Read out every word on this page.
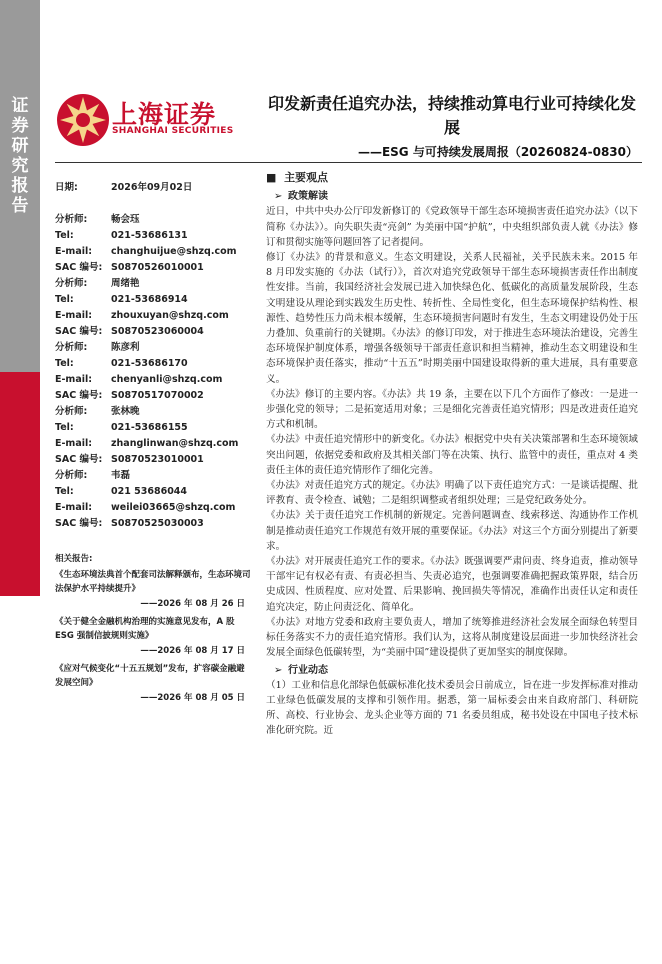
证券研究报告
ESG与可持续发展周报
上海证券
SHANGHAI SECURITIES
印发新责任追究办法，持续推动算电行业可持续化发展
——ESG 与可持续发展周报（20260824-0830）
日期:	2026年09月02日
分析师:	畅会珏
Tel:	021-53686131
E-mail:	changhuijue@shzq.com
SAC 编号: S0870526010001
分析师:	周绪艳
Tel:	021-53686914
E-mail:	zhouxuyan@shzq.com
SAC 编号: S0870523060004
分析师:	陈彦利
Tel:	021-53686170
E-mail:	chenyanli@shzq.com
SAC 编号: S0870517070002
分析师:	张林晚
Tel:	021-53686155
E-mail:	zhanglinwan@shzq.com
SAC 编号: S0870523010001
分析师:	韦磊
Tel:	021 53686044
E-mail:	weilei03665@shzq.com
SAC 编号: S0870525030003
相关报告:
《生态环境法典首个配套司法解释颁布，生态环境司法保护水平持续提升》
——2026 年 08 月 26 日
《关于健全金融机构治理的实施意见发布，A 股 ESG 强制信披规则实施》
——2026 年 08 月 17 日
《应对气候变化“十五五规划”发布，扩容碳金融避发展空间》
——2026 年 08 月 05 日
■  主要观点
➢ 政策解读

近日，中共中央办公厅印发新修订的《党政领导干部生态环境损害责任追究办法》（以下简称《办法》）。向失职失责“亮剑” 为美丽中国“护航”，中央组织部负责人就《办法》修订和贯彻实施等问题回答了记者提问。

修订《办法》的背景和意义。生态文明建设，关系人民福祉，关乎民族未来。2015 年 8 月印发实施的《办法（试行）》，首次对追究党政领导干部生态环境损害责任作出制度性安排。当前，我国经济社会发展已进入加快绿色化、低碳化的高质量发展阶段，生态文明建设从理论到实践发生历史性、转折性、全局性变化，但生态环境保护结构性、根源性、趋势性压力尚未根本缓解，生态环境损害问题时有发生，生态文明建设仍处于压力叠加、负重前行的关键期。《办法》的修订印发，对于推进生态环境法治建设，完善生态环境保护制度体系，增强各级领导干部责任意识和担当精神，推动生态文明建设和生态环境保护责任落实，推动“十五五”时期美丽中国建设取得新的重大进展，具有重要意义。

《办法》修订的主要内容。《办法》共 19 条，主要在以下几个方面作了修改：一是进一步强化党的领导；二是拓宽适用对象；三是细化完善责任追究情形；四是改进责任追究方式和机制。

《办法》中责任追究情形中的新变化。《办法》根据党中央有关决策部署和生态环境领域突出问题，依据党委和政府及其相关部门等在决策、执行、监管中的责任，重点对 4 类责任主体的责任追究情形作了细化完善。

《办法》对责任追究方式的规定。《办法》明确了以下责任追究方式：一是谈话提醒、批评教育、责令检查、诫勉；二是组织调整或者组织处理；三是党纪政务处分。

《办法》关于责任追究工作机制的新规定。完善问题调查、线索移送、沟通协作工作机制是推动责任追究工作规范有效开展的重要保证。《办法》对这三个方面分别提出了新要求。

《办法》对开展责任追究工作的要求。《办法》既强调要严肃问责、终身追责，推动领导干部牢记有权必有责、有责必担当、失责必追究，也强调要准确把握政策界限，结合历史成因、性质程度、应对处置、后果影响、挽回损失等情况，准确作出责任认定和责任追究决定，防止问责泛化、简单化。

《办法》对地方党委和政府主要负责人，增加了统筹推进经济社会发展全面绿色转型目标任务落实不力的责任追究情形。我们认为，这将从制度建设层面进一步加快经济社会发展全面绿色低碳转型，为“美丽中国”建设提供了更加坚实的制度保障。

➢ 行业动态

（1）工业和信息化部绿色低碳标准化技术委员会日前成立，旨在进一步发挥标准对推动工业绿色低碳发展的支撑和引领作用。据悉，第一届标委会由来自政府部门、科研院所、高校、行业协会、龙头企业等方面的 71 名委员组成，秘书处设在中国电子技术标准化研究院。近
